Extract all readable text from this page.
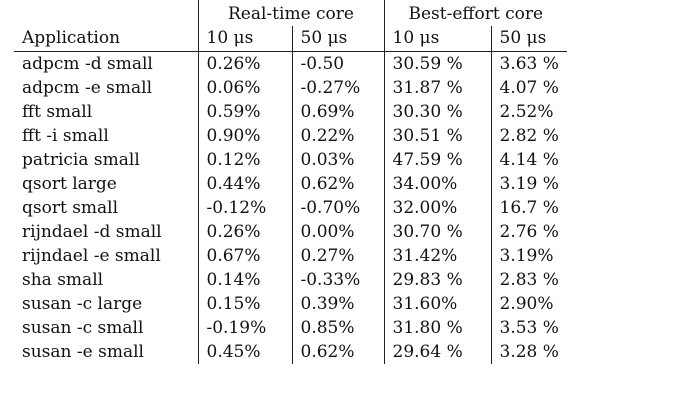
	Real-time core		Best-effort core	
Application	10 μs	50 μs	10 μs	50 μs
adpcm -d small	0.26%	-0.50	30.59 %	3.63 %
adpcm -e small	0.06%	-0.27%	31.87 %	4.07 %
fft small	0.59%	0.69%	30.30 %	2.52%
fft -i small	0.90%	0.22%	30.51 %	2.82 %
patricia small	0.12%	0.03%	47.59 %	4.14 %
qsort large	0.44%	0.62%	34.00%	3.19 %
qsort small	-0.12%	-0.70%	32.00%	16.7 %
rijndael -d small	0.26%	0.00%	30.70 %	2.76 %
rijndael -e small	0.67%	0.27%	31.42%	3.19%
sha small	0.14%	-0.33%	29.83 %	2.83 %
susan -c large	0.15%	0.39%	31.60%	2.90%
susan -c small	-0.19%	0.85%	31.80 %	3.53 %
susan -e small	0.45%	0.62%	29.64 %	3.28 %
